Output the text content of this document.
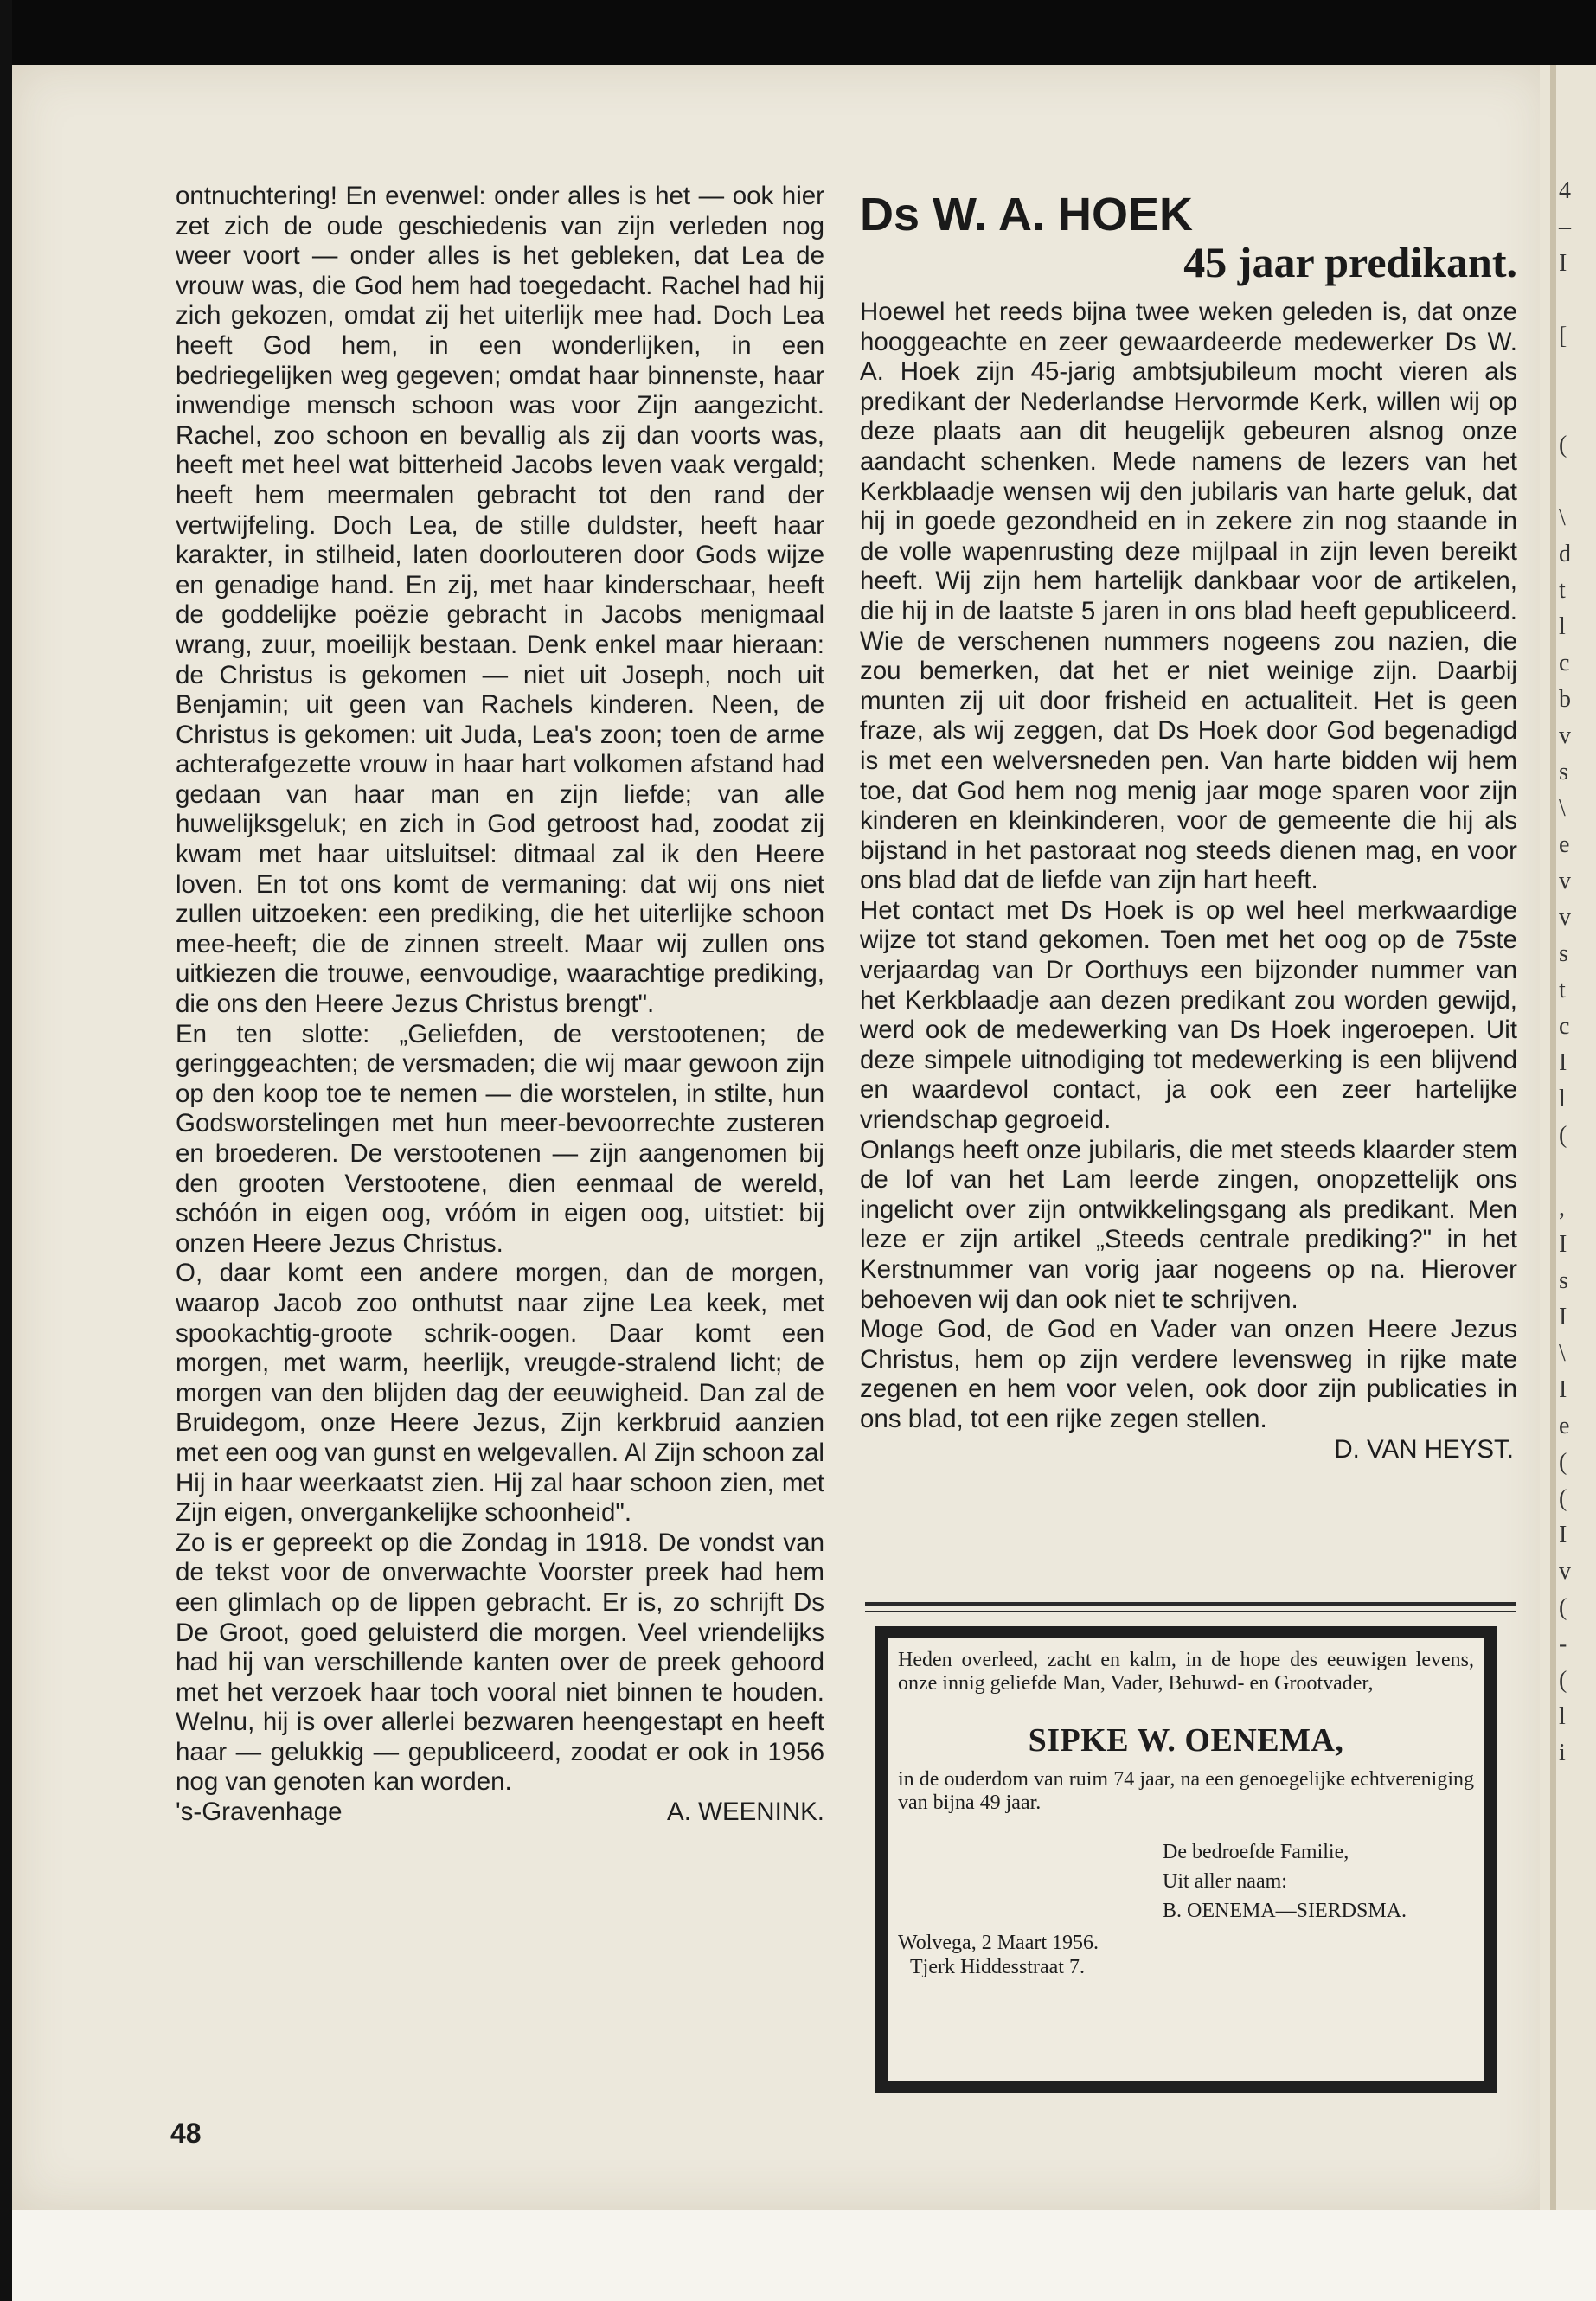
ontnuchtering! En evenwel: onder alles is het — ook hier zet zich de oude geschiedenis van zijn verleden nog weer voort — onder alles is het gebleken, dat Lea de vrouw was, die God hem had toegedacht. Rachel had hij zich gekozen, omdat zij het uiterlijk mee had. Doch Lea heeft God hem, in een wonderlijken, in een bedriegelijken weg gegeven; omdat haar binnenste, haar inwendige mensch schoon was voor Zijn aangezicht. Rachel, zoo schoon en bevallig als zij dan voorts was, heeft met heel wat bitterheid Jacobs leven vaak vergald; heeft hem meermalen gebracht tot den rand der vertwijfeling. Doch Lea, de stille duldster, heeft haar karakter, in stilheid, laten doorlouteren door Gods wijze en genadige hand. En zij, met haar kinderschaar, heeft de goddelijke poëzie gebracht in Jacobs menigmaal wrang, zuur, moeilijk bestaan. Denk enkel maar hieraan: de Christus is gekomen — niet uit Joseph, noch uit Benjamin; uit geen van Rachels kinderen. Neen, de Christus is gekomen: uit Juda, Lea's zoon; toen de arme achterafgezette vrouw in haar hart volkomen afstand had gedaan van haar man en zijn liefde; van alle huwelijksgeluk; en zich in God getroost had, zoodat zij kwam met haar uitsluitsel: ditmaal zal ik den Heere loven. En tot ons komt de vermaning: dat wij ons niet zullen uitzoeken: een prediking, die het uiterlijke schoon mee-heeft; die de zinnen streelt. Maar wij zullen ons uitkiezen die trouwe, eenvoudige, waarachtige prediking, die ons den Heere Jezus Christus brengt".

En ten slotte: „Geliefden, de verstootenen; de geringgeachten; de versmaden; die wij maar gewoon zijn op den koop toe te nemen — die worstelen, in stilte, hun Godsworstelingen met hun meer-bevoorrechte zusteren en broederen. De verstootenen — zijn aangenomen bij den grooten Verstootene, dien eenmaal de wereld, schóón in eigen oog, vróóm in eigen oog, uitstiet: bij onzen Heere Jezus Christus.

O, daar komt een andere morgen, dan de morgen, waarop Jacob zoo onthutst naar zijne Lea keek, met spookachtig-groote schrik-oogen. Daar komt een morgen, met warm, heerlijk, vreugde-stralend licht; de morgen van den blijden dag der eeuwigheid. Dan zal de Bruidegom, onze Heere Jezus, Zijn kerkbruid aanzien met een oog van gunst en welgevallen. Al Zijn schoon zal Hij in haar weerkaatst zien. Hij zal haar schoon zien, met Zijn eigen, onvergankelijke schoonheid".

Zo is er gepreekt op die Zondag in 1918. De vondst van de tekst voor de onverwachte Voorster preek had hem een glimlach op de lippen gebracht. Er is, zo schrijft Ds De Groot, goed geluisterd die morgen. Veel vriendelijks had hij van verschillende kanten over de preek gehoord met het verzoek haar toch vooral niet binnen te houden. Welnu, hij is over allerlei bezwaren heengestapt en heeft haar — gelukkig — gepubliceerd, zoodat er ook in 1956 nog van genoten kan worden.

's-Gravenhage	A. WEENINK.
48
Ds W. A. HOEK
45 jaar predikant.

Hoewel het reeds bijna twee weken geleden is, dat onze hooggeachte en zeer gewaardeerde medewerker Ds W. A. Hoek zijn 45-jarig ambtsjubileum mocht vieren als predikant der Nederlandse Hervormde Kerk, willen wij op deze plaats aan dit heugelijk gebeuren alsnog onze aandacht schenken. Mede namens de lezers van het Kerkblaadje wensen wij den jubilaris van harte geluk, dat hij in goede gezondheid en in zekere zin nog staande in de volle wapenrusting deze mijlpaal in zijn leven bereikt heeft. Wij zijn hem hartelijk dankbaar voor de artikelen, die hij in de laatste 5 jaren in ons blad heeft gepubliceerd. Wie de verschenen nummers nogeens zou nazien, die zou bemerken, dat het er niet weinige zijn. Daarbij munten zij uit door frisheid en actualiteit. Het is geen fraze, als wij zeggen, dat Ds Hoek door God begenadigd is met een welversneden pen. Van harte bidden wij hem toe, dat God hem nog menig jaar moge sparen voor zijn kinderen en kleinkinderen, voor de gemeente die hij als bijstand in het pastoraat nog steeds dienen mag, en voor ons blad dat de liefde van zijn hart heeft.

Het contact met Ds Hoek is op wel heel merkwaardige wijze tot stand gekomen. Toen met het oog op de 75ste verjaardag van Dr Oorthuys een bijzonder nummer van het Kerkblaadje aan dezen predikant zou worden gewijd, werd ook de medewerking van Ds Hoek ingeroepen. Uit deze simpele uitnodiging tot medewerking is een blijvend en waardevol contact, ja ook een zeer hartelijke vriendschap gegroeid.

Onlangs heeft onze jubilaris, die met steeds klaarder stem de lof van het Lam leerde zingen, onopzettelijk ons ingelicht over zijn ontwikkelingsgang als predikant. Men leze er zijn artikel „Steeds centrale prediking?" in het Kerstnummer van vorig jaar nogeens op na. Hierover behoeven wij dan ook niet te schrijven.

Moge God, de God en Vader van onzen Heere Jezus Christus, hem op zijn verdere levensweg in rijke mate zegenen en hem voor velen, ook door zijn publicaties in ons blad, tot een rijke zegen stellen.

D. VAN HEYST.

Heden overleed, zacht en kalm, in de hope des eeuwigen levens, onze innig geliefde Man, Vader, Behuwd- en Grootvader,

SIPKE W. OENEMA,

in de ouderdom van ruim 74 jaar, na een genoegelijke echtvereniging van bijna 49 jaar.

De bedroefde Familie,

Uit aller naam:

B. OENEMA—SIERDSMA.

Wolvega, 2 Maart 1956.

Tjerk Hiddesstraat 7.

4
–
I
[
(
\
d
t
l
c
b
v
s
\
e
v
v
s
t
c
I
l
(
,
I
s
I
\
I
e
(
(
I
v
(
-
(
l
i
